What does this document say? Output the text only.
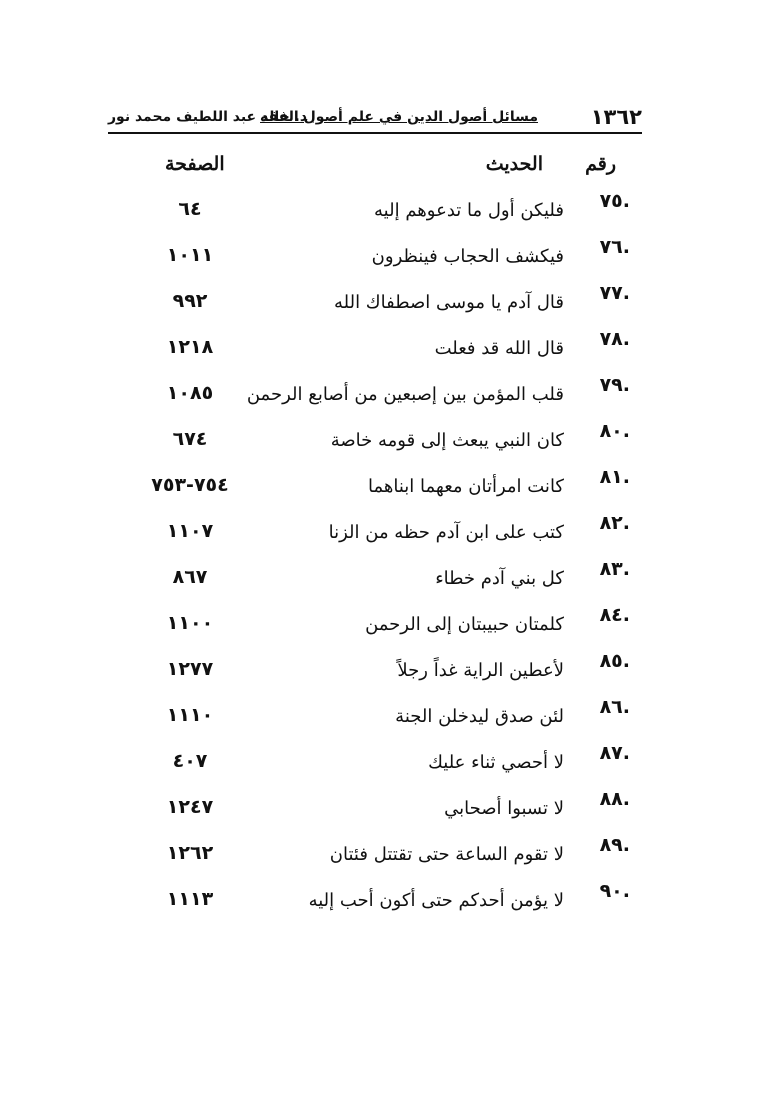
١٣٦٢
مسائل أصول الدين في علم أصول الفقه
د. خالد عبد اللطيف محمد نور
رقم
الحديث
الصفحة
.٧٥
فليكن أول ما تدعوهم إليه
٦٤
.٧٦
فيكشف الحجاب فينظرون
١٠١١
.٧٧
قال آدم يا موسى اصطفاك الله
٩٩٢
.٧٨
قال الله قد فعلت
١٢١٨
.٧٩
قلب المؤمن بين إصبعين من أصابع الرحمن
١٠٨٥
.٨٠
كان النبي يبعث إلى قومه خاصة
٦٧٤
.٨١
كانت امرأتان معهما ابناهما
٧٥٤-٧٥٣
.٨٢
كتب على ابن آدم حظه من الزنا
١١٠٧
.٨٣
كل بني آدم خطاء
٨٦٧
.٨٤
كلمتان حبيبتان إلى الرحمن
١١٠٠
.٨٥
لأعطين الراية غداً رجلاً
١٢٧٧
.٨٦
لئن صدق ليدخلن الجنة
١١١٠
.٨٧
لا أحصي ثناء عليك
٤٠٧
.٨٨
لا تسبوا أصحابي
١٢٤٧
.٨٩
لا تقوم الساعة حتى تقتتل فئتان
١٢٦٢
.٩٠
لا يؤمن أحدكم حتى أكون أحب إليه
١١١٣
